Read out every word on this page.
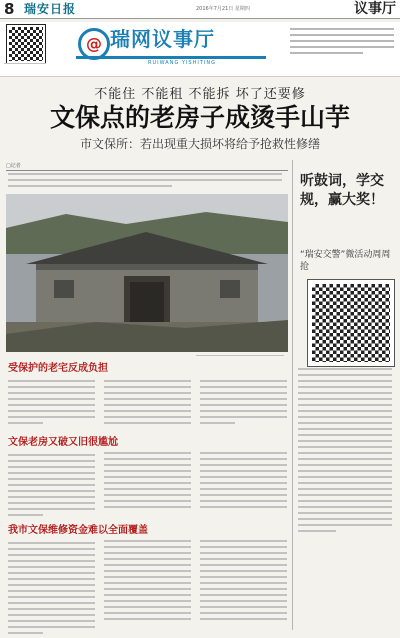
8 瑞安日报	2016年7月21日 星期四	议事厅
@ 瑞网议事厅
RUIWANG YISHITING
不能住 不能租 不能拆 坏了还要修
文保点的老房子成烫手山芋
市文保所：若出现重大损坏将给予抢救性修缮
□记者
受保护的老宅反成负担
文保老房又破又旧很尴尬
我市文保维修资金难以全面覆盖
听鼓词，学交规，赢大奖！
“瑞安交警”微活动周周抢
